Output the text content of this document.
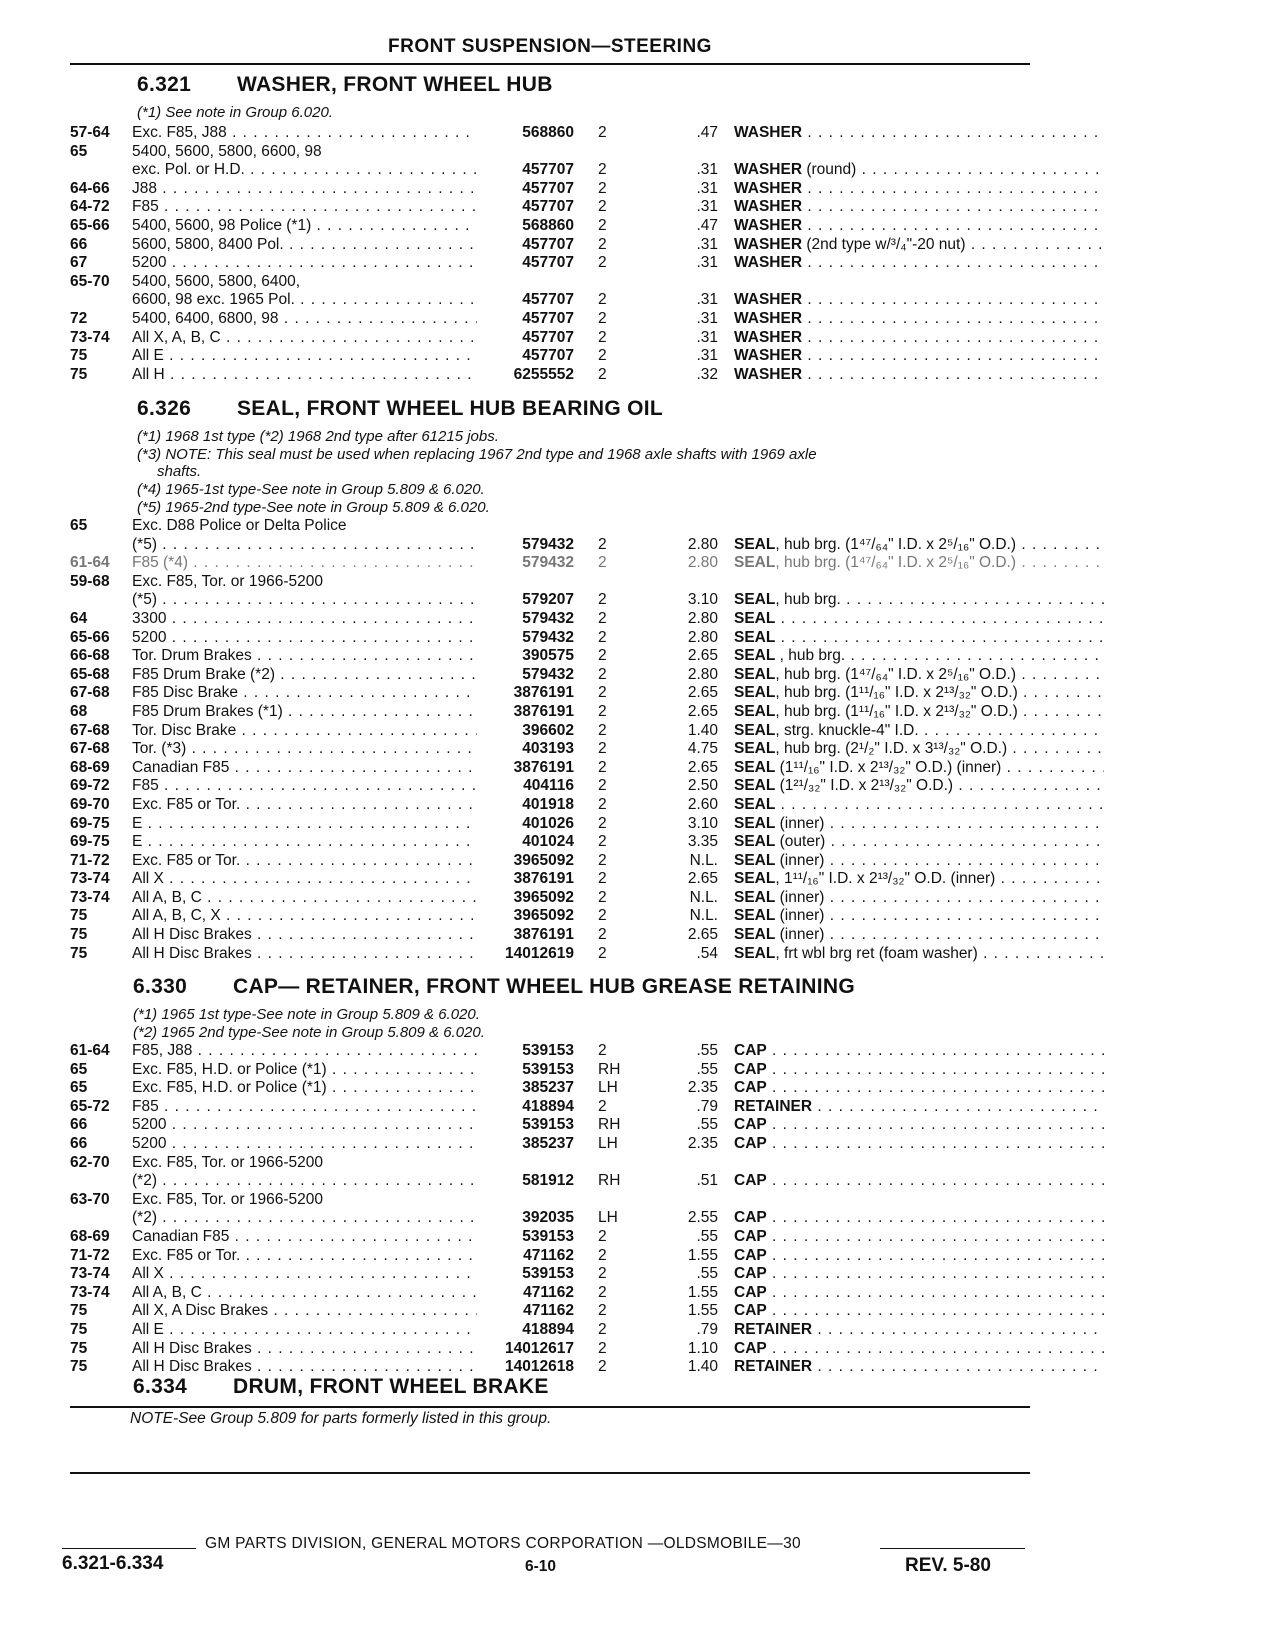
FRONT SUSPENSION—STEERING
6.321 WASHER, FRONT WHEEL HUB
(*1) See note in Group 6.020.
57-64	Exc. F85, J88 . . .	568860 2	.47 WASHER . . .
65	5400, 5600, 5800, 6600, 98
exc. Pol. or H.D. . . .	457707 2	.31 WASHER (round) . . .
64-66	J88 . . .	457707 2	.31 WASHER . . .
64-72	F85 . . .	457707 2	.31 WASHER . . .
65-66	5400, 5600, 98 Police (*1) . . .	568860 2	.47 WASHER . . .
66	5600, 5800, 8400 Pol. . . .	457707 2	.31 WASHER (2nd type w/³/₄"-20 nut) . . .
67	5200 . . .	457707 2	.31 WASHER . . .
65-70	5400, 5600, 5800, 6400,
6600, 98 exc. 1965 Pol. . . .	457707 2	.31 WASHER . . .
72	5400, 6400, 6800, 98 . . .	457707 2	.31 WASHER . . .
73-74	All X, A, B, C . . .	457707 2	.31 WASHER . . .
75	All E . . .	457707 2	.31 WASHER . . .
75	All H . . .	6255552 2	.32 WASHER . . .
6.326 SEAL, FRONT WHEEL HUB BEARING OIL
(*1) 1968 1st type (*2) 1968 2nd type after 61215 jobs.
(*3) NOTE: This seal must be used when replacing 1967 2nd type and 1968 axle shafts with 1969 axle
shafts.
(*4) 1965-1st type-See note in Group 5.809 & 6.020.
(*5) 1965-2nd type-See note in Group 5.809 & 6.020.
65	Exc. D88 Police or Delta Police
(*5) . . .	579432 2	2.80 SEAL, hub brg. (1⁴⁷/₆₄" I.D. x 2⁵/₁₆" O.D.) . . .
61-64	F85 (*4) . . .	579432 2	2.80 SEAL, hub brg. (1⁴⁷/₆₄" I.D. x 2⁵/₁₆" O.D.) . . .
59-68	Exc. F85, Tor. or 1966-5200
(*5) . . .	579207 2	3.10 SEAL, hub brg. . . .
64	3300 . . .	579432 2	2.80 SEAL . . .
65-66	5200 . . .	579432 2	2.80 SEAL . . .
66-68	Tor. Drum Brakes . . .	390575 2	2.65 SEAL , hub brg. . . .
65-68	F85 Drum Brake (*2) . . .	579432 2	2.80 SEAL, hub brg. (1⁴⁷/₆₄" I.D. x 2⁵/₁₆" O.D.) . . .
67-68	F85 Disc Brake . . .	3876191 2	2.65 SEAL, hub brg. (1¹¹/₁₆" I.D. x 2¹³/₃₂" O.D.) . . .
68	F85 Drum Brakes (*1) . . .	3876191 2	2.65 SEAL, hub brg. (1¹¹/₁₆" I.D. x 2¹³/₃₂" O.D.) . . .
67-68	Tor. Disc Brake . . .	396602 2	1.40 SEAL, strg. knuckle-4" I.D. . . .
67-68	Tor. (*3) . . .	403193 2	4.75 SEAL, hub brg. (2¹/₂" I.D. x 3¹³/₃₂" O.D.) . . .
68-69	Canadian F85 . . .	3876191 2	2.65 SEAL (1¹¹/₁₆" I.D. x 2¹³/₃₂" O.D.) (inner) . . .
69-72	F85 . . .	404116 2	2.50 SEAL (1²¹/₃₂" I.D. x 2¹³/₃₂" O.D.) . . .
69-70	Exc. F85 or Tor. . . .	401918 2	2.60 SEAL . . .
69-75	E . . .	401026 2	3.10 SEAL (inner) . . .
69-75	E . . .	401024 2	3.35 SEAL (outer) . . .
71-72	Exc. F85 or Tor. . . .	3965092 2	N.L. SEAL (inner) . . .
73-74	All X . . .	3876191 2	2.65 SEAL, 1¹¹/₁₆" I.D. x 2¹³/₃₂" O.D. (inner) . . .
73-74	All A, B, C . . .	3965092 2	N.L. SEAL (inner) . . .
75	All A, B, C, X . . .	3965092 2	N.L. SEAL (inner) . . .
75	All H Disc Brakes . . .	3876191 2	2.65 SEAL (inner) . . .
75	All H Disc Brakes . . .	14012619 2	.54 SEAL, frt wbl brg ret (foam washer) . . .
6.330 CAP— RETAINER, FRONT WHEEL HUB GREASE RETAINING
(*1) 1965 1st type-See note in Group 5.809 & 6.020.
(*2) 1965 2nd type-See note in Group 5.809 & 6.020.
61-64	F85, J88 . . .	539153 2	.55 CAP . . .
65	Exc. F85, H.D. or Police (*1) . . .	539153 RH	.55 CAP . . .
65	Exc. F85, H.D. or Police (*1) . . .	385237 LH	2.35 CAP . . .
65-72	F85 . . .	418894 2	.79 RETAINER . . .
66	5200 . . .	539153 RH	.55 CAP . . .
66	5200 . . .	385237 LH	2.35 CAP . . .
62-70	Exc. F85, Tor. or 1966-5200
(*2) . . .	581912 RH	.51 CAP . . .
63-70	Exc. F85, Tor. or 1966-5200
(*2) . . .	392035 LH	2.55 CAP . . .
68-69	Canadian F85 . . .	539153 2	.55 CAP . . .
71-72	Exc. F85 or Tor. . . .	471162 2	1.55 CAP . . .
73-74	All X . . .	539153 2	.55 CAP . . .
73-74	All A, B, C . . .	471162 2	1.55 CAP . . .
75	All X, A Disc Brakes . . .	471162 2	1.55 CAP . . .
75	All E . . .	418894 2	.79 RETAINER . . .
75	All H Disc Brakes . . .	14012617 2	1.10 CAP . . .
75	All H Disc Brakes . . .	14012618 2	1.40 RETAINER . . .
6.334 DRUM, FRONT WHEEL BRAKE
NOTE-See Group 5.809 for parts formerly listed in this group.
GM PARTS DIVISION, GENERAL MOTORS CORPORATION —OLDSMOBILE—30
6.321-6.334	6-10	REV. 5-80
